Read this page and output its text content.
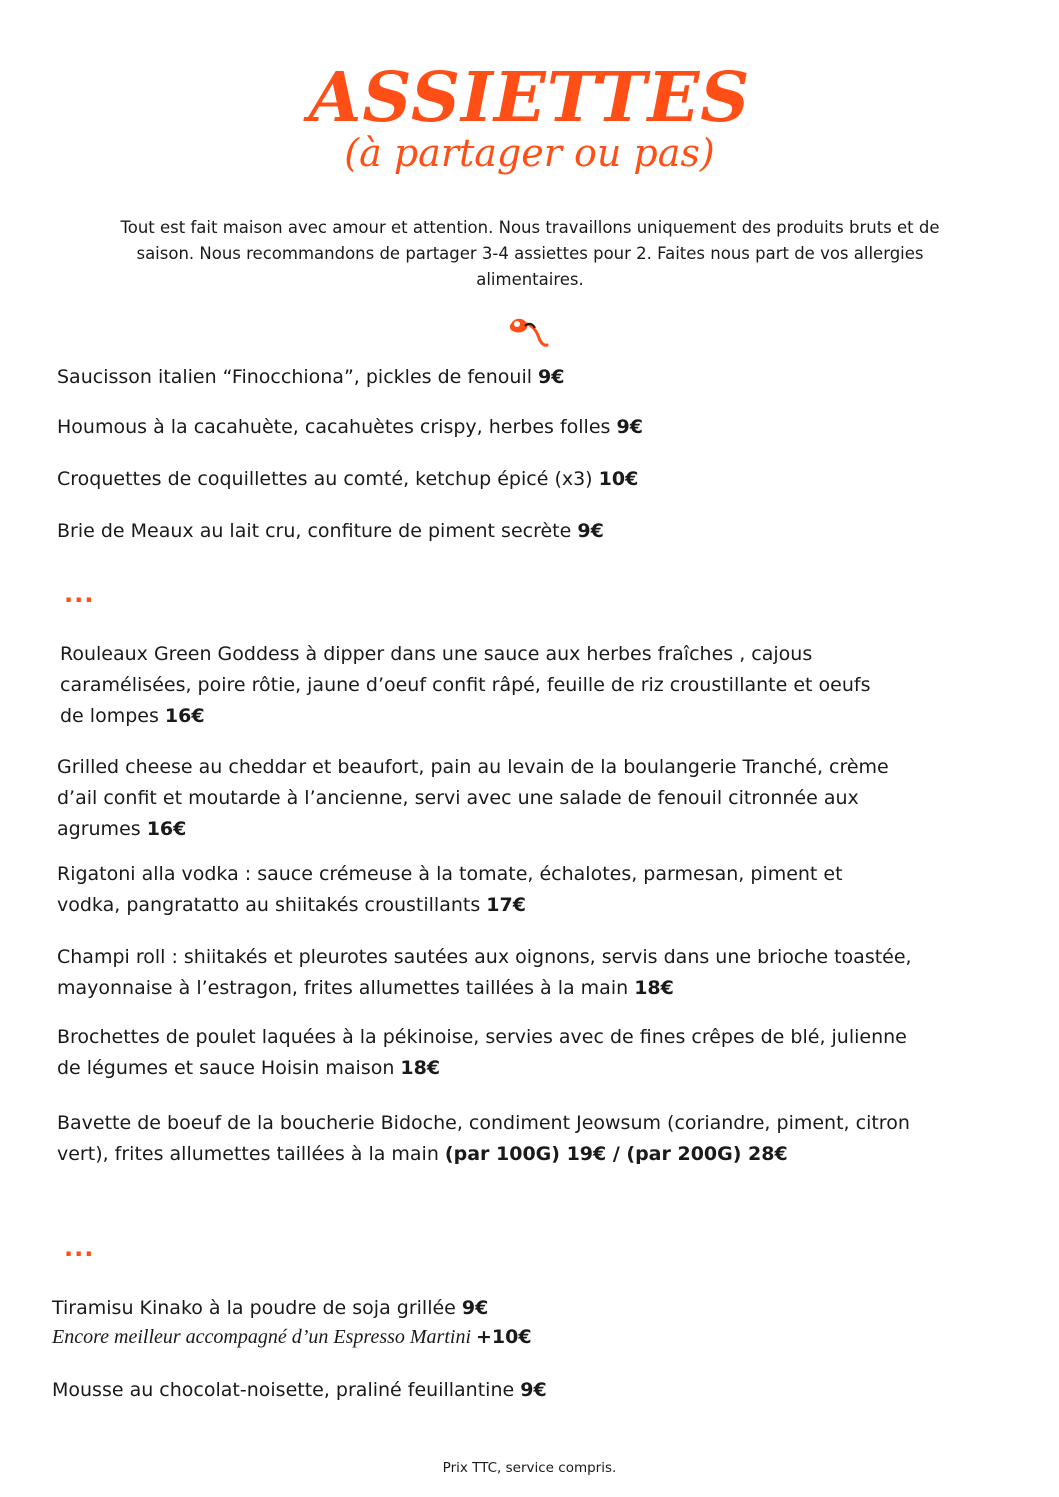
ASSIETTES
(à partager ou pas)
Tout est fait maison avec amour et attention. Nous travaillons uniquement des produits bruts et de saison. Nous recommandons de partager 3-4 assiettes pour 2. Faites nous part de vos allergies alimentaires.
Saucisson italien “Finocchiona”, pickles de fenouil 9€
Houmous à la cacahuète, cacahuètes crispy, herbes folles 9€
Croquettes de coquillettes au comté, ketchup épicé (x3) 10€
Brie de Meaux au lait cru, confiture de piment secrète 9€
...
Rouleaux Green Goddess à dipper dans une sauce aux herbes fraîches , cajous caramélisées, poire rôtie, jaune d’oeuf confit râpé, feuille de riz croustillante et oeufs de lompes 16€
Grilled cheese au cheddar et beaufort, pain au levain de la boulangerie Tranché, crème d’ail confit et moutarde à l’ancienne, servi avec une salade de fenouil citronnée aux agrumes 16€
Rigatoni alla vodka : sauce crémeuse à la tomate, échalotes, parmesan, piment et vodka, pangratatto au shiitakés croustillants 17€
Champi roll : shiitakés et pleurotes sautées aux oignons, servis dans une brioche toastée, mayonnaise à l’estragon, frites allumettes taillées à la main 18€
Brochettes de poulet laquées à la pékinoise, servies avec de fines crêpes de blé, julienne de légumes et sauce Hoisin maison 18€
Bavette de boeuf de la boucherie Bidoche, condiment Jeowsum (coriandre, piment, citron vert), frites allumettes taillées à la main (par 100G) 19€ / (par 200G) 28€
...
Tiramisu Kinako à la poudre de soja grillée 9€
Encore meilleur accompagné d’un Espresso Martini +10€
Mousse au chocolat-noisette, praliné feuillantine 9€
Prix TTC, service compris.
